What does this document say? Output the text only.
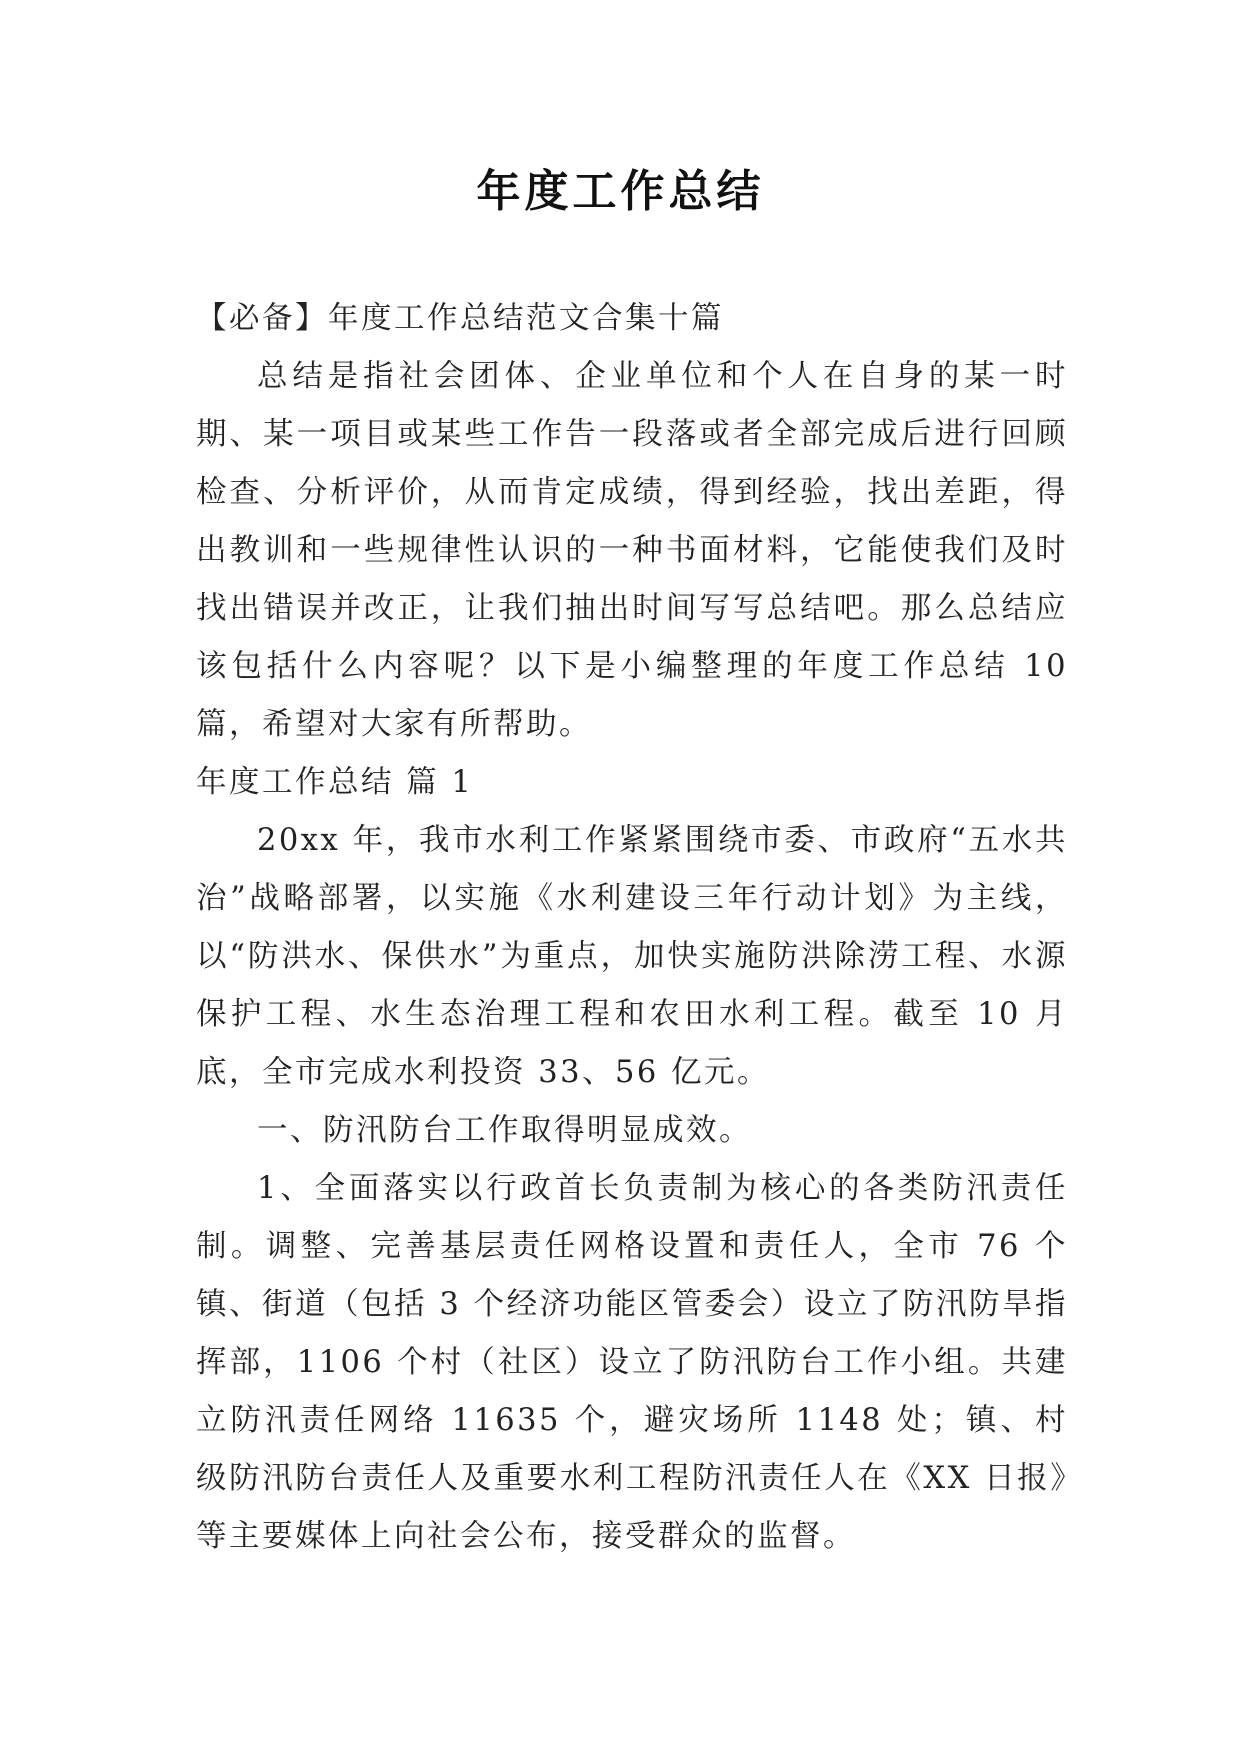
年度工作总结

【必备】年度工作总结范文合集十篇

总结是指社会团体、企业单位和个人在自身的某一时期、某一项目或某些工作告一段落或者全部完成后进行回顾检查、分析评价，从而肯定成绩，得到经验，找出差距，得出教训和一些规律性认识的一种书面材料，它能使我们及时找出错误并改正，让我们抽出时间写写总结吧。那么总结应该包括什么内容呢？以下是小编整理的年度工作总结 10 篇，希望对大家有所帮助。

年度工作总结 篇 1

20xx 年，我市水利工作紧紧围绕市委、市政府“五水共治”战略部署，以实施《水利建设三年行动计划》为主线，以“防洪水、保供水”为重点，加快实施防洪除涝工程、水源保护工程、水生态治理工程和农田水利工程。截至 10 月底，全市完成水利投资 33、56 亿元。

一、防汛防台工作取得明显成效。

1、全面落实以行政首长负责制为核心的各类防汛责任制。调整、完善基层责任网格设置和责任人，全市 76 个镇、街道（包括 3 个经济功能区管委会）设立了防汛防旱指挥部，1106 个村（社区）设立了防汛防台工作小组。共建立防汛责任网络 11635 个，避灾场所 1148 处；镇、村级防汛防台责任人及重要水利工程防汛责任人在《XX 日报》等主要媒体上向社会公布，接受群众的监督。
